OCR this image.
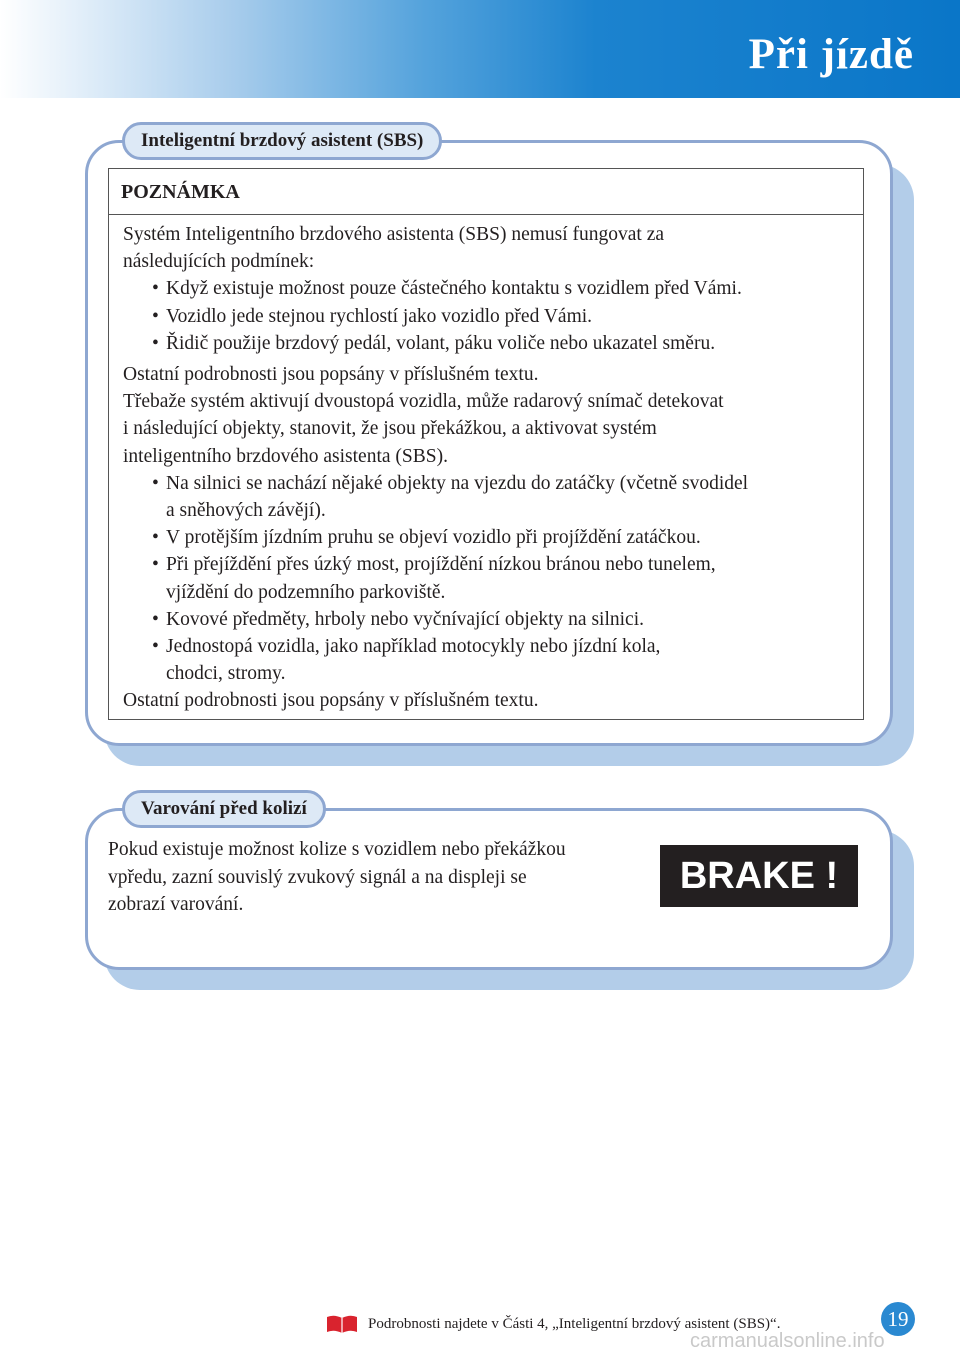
Při jízdě
Inteligentní brzdový asistent (SBS)
POZNÁMKA

Systém Inteligentního brzdového asistenta (SBS) nemusí fungovat za

následujících podmínek:

• Když existuje možnost pouze částečného kontaktu s vozidlem před Vámi.
• Vozidlo jede stejnou rychlostí jako vozidlo před Vámi.
• Řidič použije brzdový pedál, volant, páku voliče nebo ukazatel směru.

Ostatní podrobnosti jsou popsány v příslušném textu.

Třebaže systém aktivují dvoustopá vozidla, může radarový snímač detekovat

i následující objekty, stanovit, že jsou překážkou, a aktivovat systém

inteligentního brzdového asistenta (SBS).

• Na silnici se nachází nějaké objekty na vjezdu do zatáčky (včetně svodidel
a sněhových závějí).
• V protějším jízdním pruhu se objeví vozidlo při projíždění zatáčkou.
• Při přejíždění přes úzký most, projíždění nízkou bránou nebo tunelem,
vjíždění do podzemního parkoviště.
• Kovové předměty, hrboly nebo vyčnívající objekty na silnici.
• Jednostopá vozidla, jako například motocykly nebo jízdní kola,
chodci, stromy.

Ostatní podrobnosti jsou popsány v příslušném textu.

Varování před kolizí

Pokud existuje možnost kolize s vozidlem nebo překážkou

vpředu, zazní souvislý zvukový signál a na displeji se

zobrazí varování.

BRAKE !
Podrobnosti najdete v Části 4, „Inteligentní brzdový asistent (SBS)“.	19
carmanualsonline.info
